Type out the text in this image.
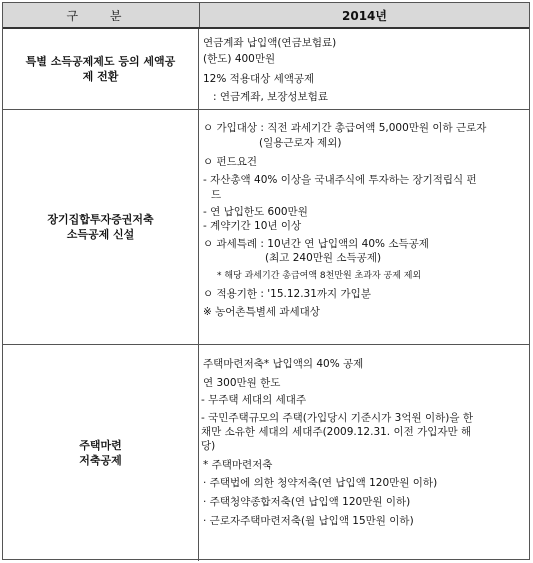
구 분	2014년
특별 소득공제제도 등의 세액공제 전환
연금계좌 납입액(연금보험료)
(한도) 400만원
12% 적용대상 세액공제
: 연금계좌, 보장성보험료
장기집합투자증권저축 소득공제 신설
ㅇ 가입대상 : 직전 과세기간 총급여액 5,000만원 이하 근로자
(일용근로자 제외)
ㅇ 펀드요건
- 자산총액 40% 이상을 국내주식에 투자하는 장기적립식 펀
드
- 연 납입한도 600만원
- 계약기간 10년 이상
ㅇ 과세특례 : 10년간 연 납입액의 40% 소득공제
(최고 240만원 소득공제)
* 해당 과세기간 총급여액 8천만원 초과자 공제 제외
ㅇ 적용기한 : '15.12.31까지 가입분
※ 농어촌특별세 과세대상
주택마련 저축공제
주택마련저축* 납입액의 40% 공제
연 300만원 한도
- 무주택 세대의 세대주
- 국민주택규모의 주택(가입당시 기준시가 3억원 이하)을 한
채만 소유한 세대의 세대주(2009.12.31. 이전 가입자만 해
당)
* 주택마련저축
· 주택법에 의한 청약저축(연 납입액 120만원 이하)
· 주택청약종합저축(연 납입액 120만원 이하)
· 근로자주택마련저축(월 납입액 15만원 이하)
